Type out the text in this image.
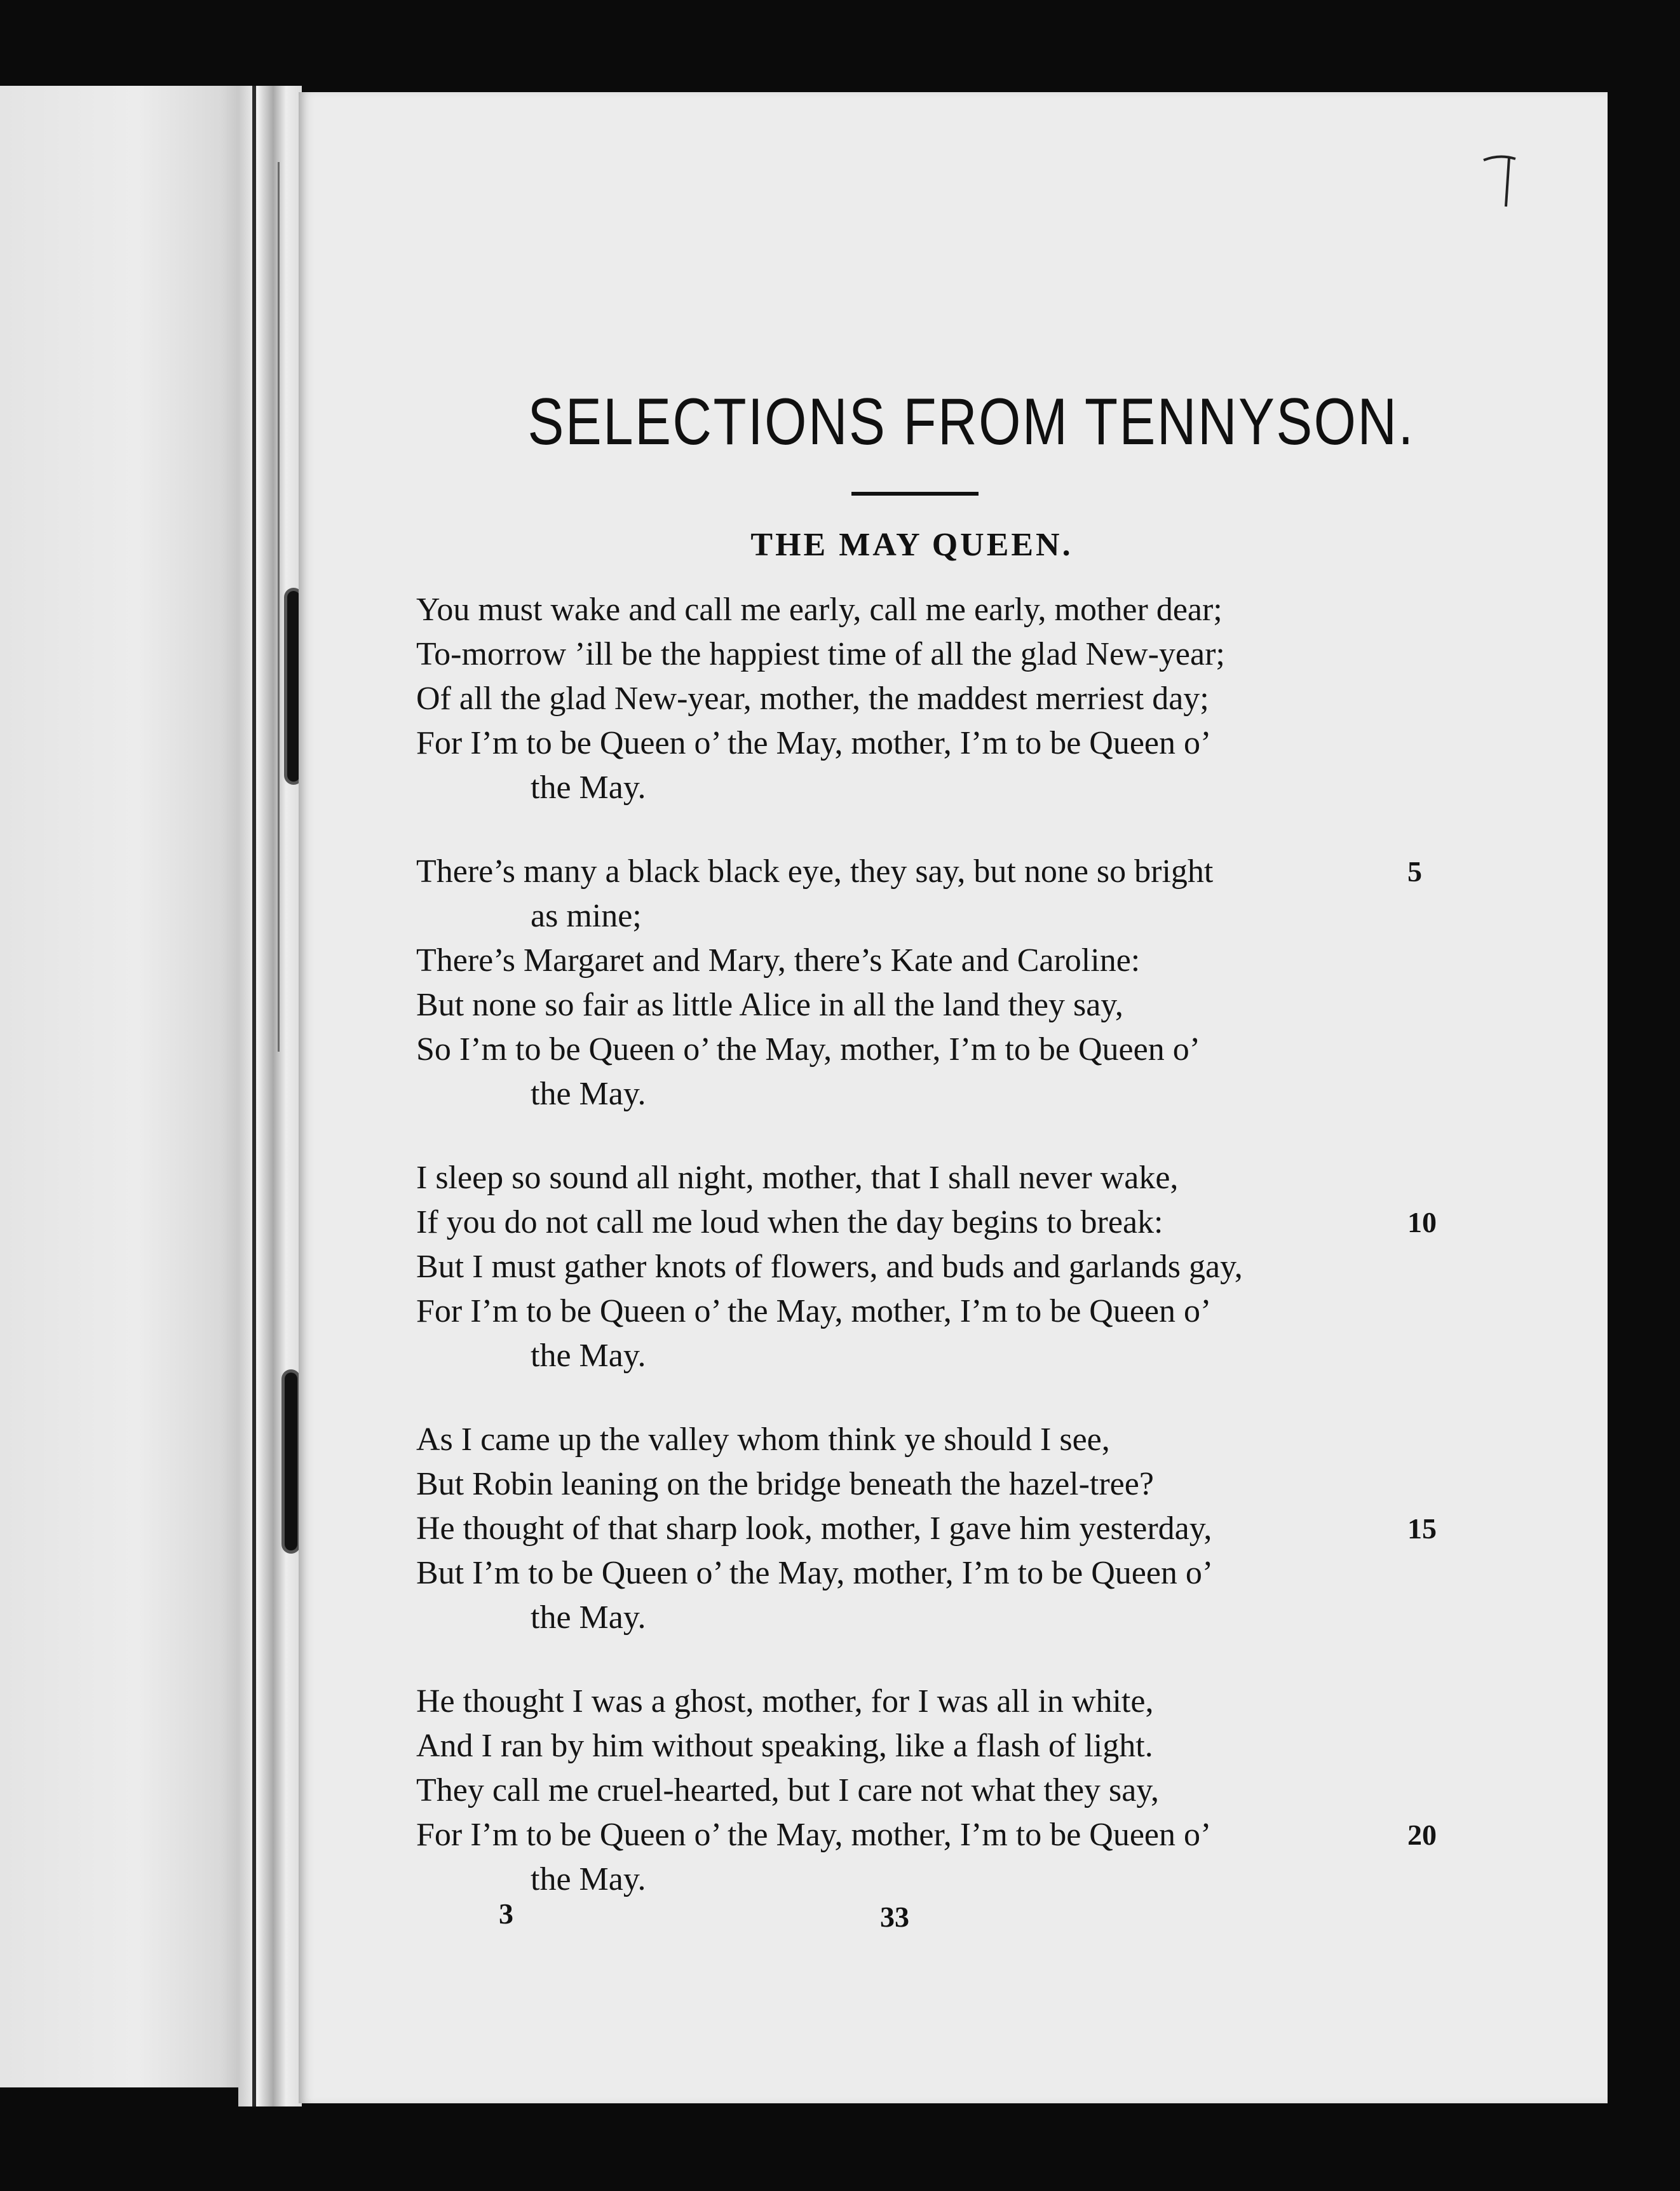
SELECTIONS FROM TENNYSON.
THE MAY QUEEN.
You must wake and call me early, call me early, mother dear;
To-morrow ’ill be the happiest time of all the glad New-year;
Of all the glad New-year, mother, the maddest merriest day;
For I’m to be Queen o’ the May, mother, I’m to be Queen o’
the May.
There’s many a black black eye, they say, but none so bright	5
as mine;
There’s Margaret and Mary, there’s Kate and Caroline:
But none so fair as little Alice in all the land they say,
So I’m to be Queen o’ the May, mother, I’m to be Queen o’
the May.
I sleep so sound all night, mother, that I shall never wake,
If you do not call me loud when the day begins to break:	10
But I must gather knots of flowers, and buds and garlands gay,
For I’m to be Queen o’ the May, mother, I’m to be Queen o’
the May.
As I came up the valley whom think ye should I see,
But Robin leaning on the bridge beneath the hazel-tree?
He thought of that sharp look, mother, I gave him yesterday,	15
But I’m to be Queen o’ the May, mother, I’m to be Queen o’
the May.
He thought I was a ghost, mother, for I was all in white,
And I ran by him without speaking, like a flash of light.
They call me cruel-hearted, but I care not what they say,
For I’m to be Queen o’ the May, mother, I’m to be Queen o’	20
the May.
3	33
